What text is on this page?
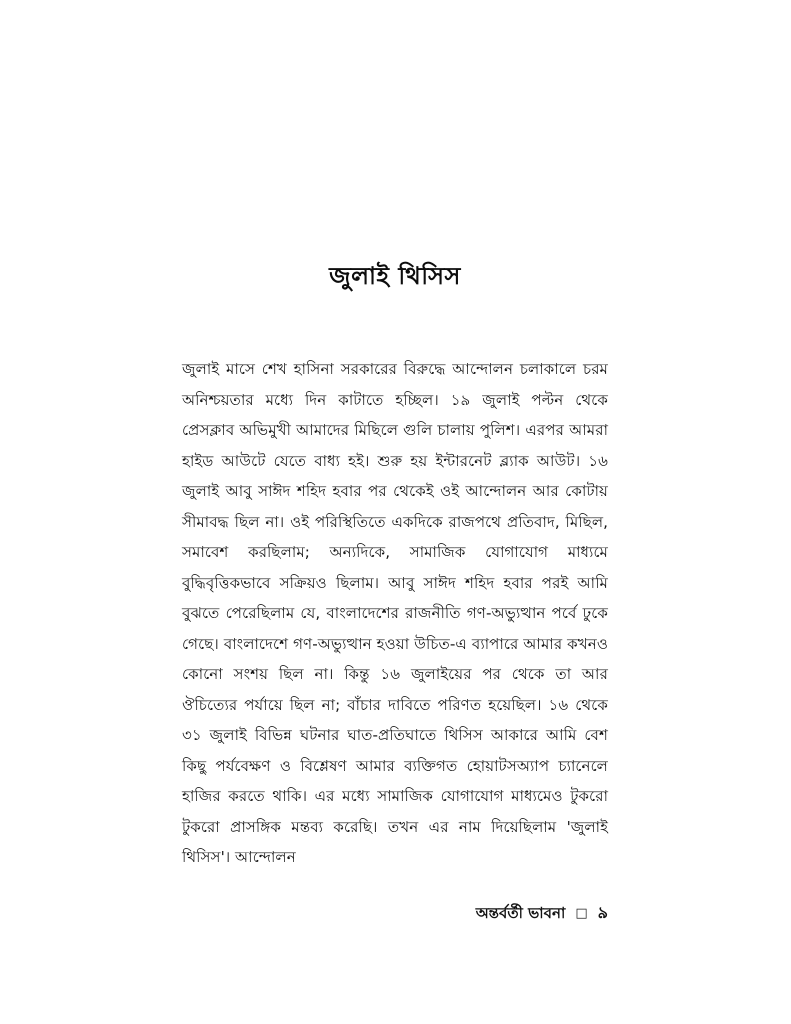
জুলাই থিসিস

জুলাই মাসে শেখ হাসিনা সরকারের বিরুদ্ধে আন্দোলন চলাকালে চরম অনিশ্চয়তার মধ্যে দিন কাটাতে হচ্ছিল। ১৯ জুলাই পল্টন থেকে প্রেসক্লাব অভিমুখী আমাদের মিছিলে গুলি চালায় পুলিশ। এরপর আমরা হাইড আউটে যেতে বাধ্য হই। শুরু হয় ইন্টারনেট ব্ল্যাক আউট। ১৬ জুলাই আবু সাঈদ শহিদ হবার পর থেকেই ওই আন্দোলন আর কোটায় সীমাবদ্ধ ছিল না। ওই পরিস্থিতিতে একদিকে রাজপথে প্রতিবাদ, মিছিল, সমাবেশ করছিলাম; অন্যদিকে, সামাজিক যোগাযোগ মাধ্যমে বুদ্ধিবৃত্তিকভাবে সক্রিয়ও ছিলাম। আবু সাঈদ শহিদ হবার পরই আমি বুঝতে পেরেছিলাম যে, বাংলাদেশের রাজনীতি গণ-অভ্যুত্থান পর্বে ঢুকে গেছে। বাংলাদেশে গণ-অভ্যুত্থান হওয়া উচিত-এ ব্যাপারে আমার কখনও কোনো সংশয় ছিল না। কিন্তু ১৬ জুলাইয়ের পর থেকে তা আর ঔচিত্যের পর্যায়ে ছিল না; বাঁচার দাবিতে পরিণত হয়েছিল। ১৬ থেকে ৩১ জুলাই বিভিন্ন ঘটনার ঘাত-প্রতিঘাতে থিসিস আকারে আমি বেশ কিছু পর্যবেক্ষণ ও বিশ্লেষণ আমার ব্যক্তিগত হোয়াটসঅ্যাপ চ্যানেলে হাজির করতে থাকি। এর মধ্যে সামাজিক যোগাযোগ মাধ্যমেও টুকরো টুকরো প্রাসঙ্গিক মন্তব্য করেছি। তখন এর নাম দিয়েছিলাম 'জুলাই থিসিস'। আন্দোলন

অন্তর্বর্তী ভাবনা □ ৯
